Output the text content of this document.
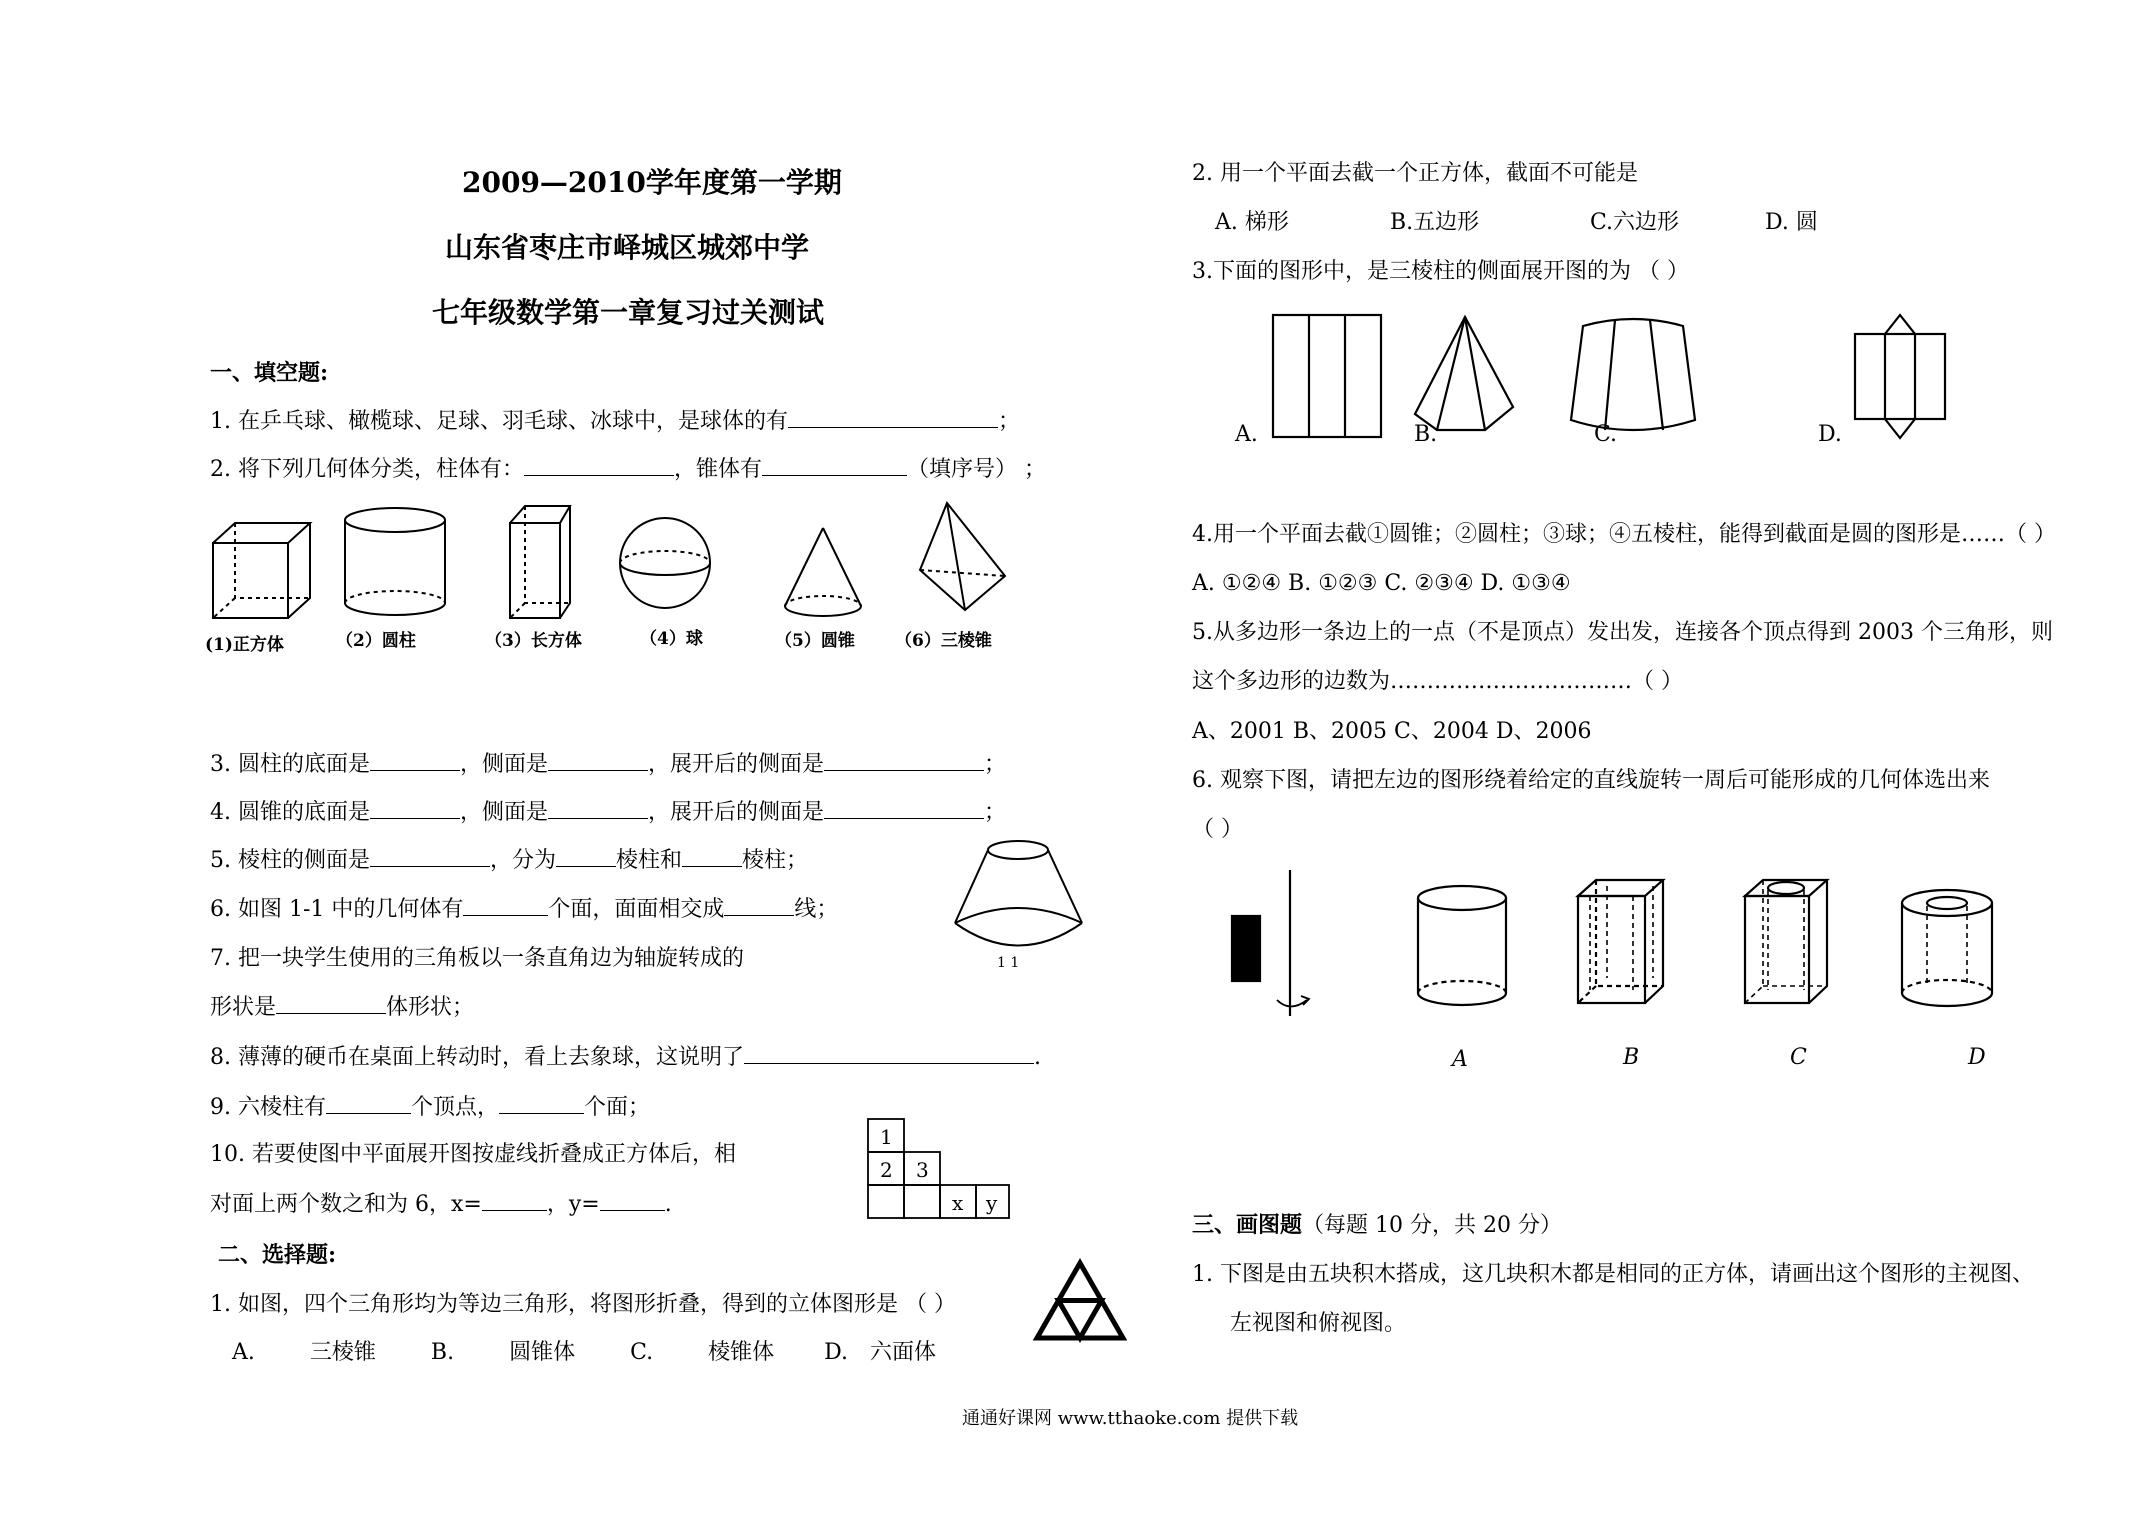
2009—2010学年度第一学期
山东省枣庄市峄城区城郊中学
七年级数学第一章复习过关测试
一、填空题:
1. 在乒乓球、橄榄球、足球、羽毛球、冰球中，是球体的有	；
2. 将下列几何体分类，柱体有：	，锥体有	（填序号） ；
(1)正方体	（2）圆柱	（3）长方体	（4）球	（5）圆锥 （6）三棱锥
3. 圆柱的底面是	，侧面是	，展开后的侧面是	；
4. 圆锥的底面是	，侧面是	，展开后的侧面是	；
5. 棱柱的侧面是	，分为	棱柱和	棱柱；
1 1
6. 如图 1-1 中的几何体有	个面，面面相交成	线；
7. 把一块学生使用的三角板以一条直角边为轴旋转成的
形状是	体形状；
8. 薄薄的硬币在桌面上转动时，看上去象球，这说明了	.
9. 六棱柱有	个顶点，	个面；
10. 若要使图中平面展开图按虚线折叠成正方体后，相
对面上两个数之和为 6，x=	，y=	.
1
2 3
x y
二、选择题:
1. 如图，四个三角形均为等边三角形，将图形折叠，得到的立体图形是 （ ）
A.	三棱锥	B.	圆锥体	C.	棱锥体 D. 六面体
2. 用一个平面去截一个正方体，截面不可能是
A. 梯形	B.五边形	C.六边形	D. 圆
3.下面的图形中，是三棱柱的侧面展开图的为 （ ）
A.	B.	C.	D.
4.用一个平面去截①圆锥；②圆柱；③球；④五棱柱，能得到截面是圆的图形是……（ ）
A. ①②④ B. ①②③ C. ②③④ D. ①③④
5.从多边形一条边上的一点（不是顶点）发出发，连接各个顶点得到 2003 个三角形，则
这个多边形的边数为……………………………（ ）
A、2001 B、2005 C、2004 D、2006
6. 观察下图，请把左边的图形绕着给定的直线旋转一周后可能形成的几何体选出来
（ ）
A	B	C	D
三、画图题（每题 10 分，共 20 分）
1. 下图是由五块积木搭成，这几块积木都是相同的正方体，请画出这个图形的主视图、
左视图和俯视图。
通通好课网 www.tthaoke.com 提供下载
